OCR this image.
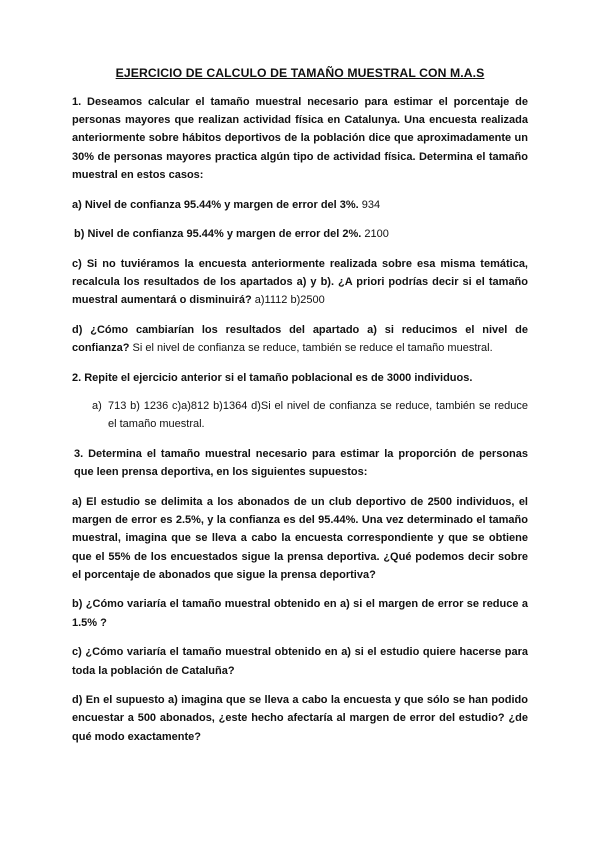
EJERCICIO DE CALCULO DE TAMAÑO MUESTRAL CON M.A.S

1. Deseamos calcular el tamaño muestral necesario para estimar el porcentaje de personas mayores que realizan actividad física en Catalunya. Una encuesta realizada anteriormente sobre hábitos deportivos de la población dice que aproximadamente un 30% de personas mayores practica algún tipo de actividad física. Determina el tamaño muestral en estos casos:

a) Nivel de confianza 95.44% y margen de error del 3%. 934

b) Nivel de confianza 95.44% y margen de error del 2%. 2100

c) Si no tuviéramos la encuesta anteriormente realizada sobre esa misma temática, recalcula los resultados de los apartados a) y b). ¿A priori podrías decir si el tamaño muestral aumentará o disminuirá? a)1112 b)2500

d) ¿Cómo cambiarían los resultados del apartado a) si reducimos el nivel de confianza? Si el nivel de confianza se reduce, también se reduce el tamaño muestral.

2. Repite el ejercicio anterior si el tamaño poblacional es de 3000 individuos.

a) 713 b) 1236 c)a)812 b)1364 d)Si el nivel de confianza se reduce, también se reduce el tamaño muestral.

3. Determina el tamaño muestral necesario para estimar la proporción de personas que leen prensa deportiva, en los siguientes supuestos:

a) El estudio se delimita a los abonados de un club deportivo de 2500 individuos, el margen de error es 2.5%, y la confianza es del 95.44%. Una vez determinado el tamaño muestral, imagina que se lleva a cabo la encuesta correspondiente y que se obtiene que el 55% de los encuestados sigue la prensa deportiva. ¿Qué podemos decir sobre el porcentaje de abonados que sigue la prensa deportiva?

b) ¿Cómo variaría el tamaño muestral obtenido en a) si el margen de error se reduce a 1.5% ?

c) ¿Cómo variaría el tamaño muestral obtenido en a) si el estudio quiere hacerse para toda la población de Cataluña?

d) En el supuesto a) imagina que se lleva a cabo la encuesta y que sólo se han podido encuestar a 500 abonados, ¿este hecho afectaría al margen de error del estudio? ¿de qué modo exactamente?
